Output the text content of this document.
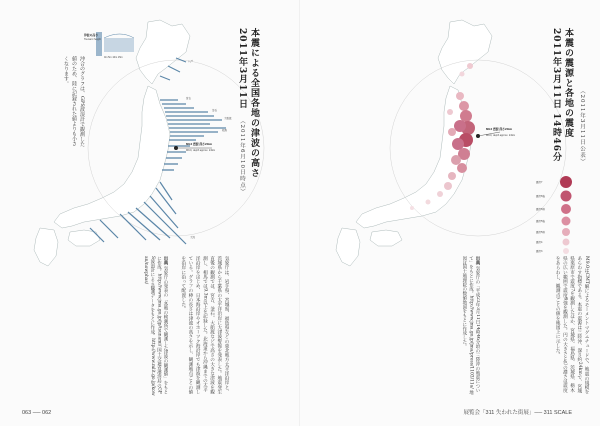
M9.0 震源 深さ24km
M9.0, depth approx. 24km
宮古
釜石
大船渡
相馬
大洗
八戸
津波の高さ
Tsunami height
0m 5m 10m 15m
沖合のグラフは、GPS波浪計で観測した値のため、陸に記録された値よりも小さくなります。	本震による全国各地の津波の高さ
2011年3月11日
（2011年6月10日時点）
気象庁は、岩手県、宮城県、福島県などの東北地方太平洋沿岸と、茨城県から千葉県の太平洋沿岸に大津波警報を発表した。地震発生直後の観測では、宮古、釜石、大船渡などで高さの大きな津波を観測し、相馬では9.3m以上を記録した。北海道から沖縄までの太平洋沿岸をはじめ、日本海沿岸やオホーツク海沿岸でも津波を観測している。グラフの棒の長さは津波の高さを示し、観測地点ごとの値を沿岸に沿って配置した。
出典 気象庁の発表の「各地の検潮所で観測した津波の観測値」をもとに作成。http://www.jma.go.jp/jp/tsunami/ 国土交通省港湾局のGPS波浪計による観測データをもとに作成。http://www.mlit.go.jp/kowan/nowphas/
063 ── 062
M9.0 震源 深さ24km
M9.0, depth approx. 24km
震度7
震度6強
震度6弱
震度5強
震度5弱
震度4
震度3
本震の震源と各地の震度
2011年3月11日 14時46分	（2011年3月11日公表）
M9.0はCMT解によるモーメントマグニチュードで、地震の規模をあらわす指標である。本震の震源は三陸沖、深さ約24kmで、宮城県栗原市で震度7を観測したほか、宮城県、福島県、茨城県、栃木県の広い範囲で震度6強を観測した。円の大きさと色の濃さは震度をあらわし、観測点ごとの値を地図上に示した。
出典 気象庁の「平成23年3月11日14時46分頃の三陸沖の地震について」をもとに作成。http://www.jma.go.jp/jma/press/1103/11a/ 地図は国土地理院の数値地図をもとに作成した。
展覧会「311 失われた街展」── 311 SCALE
